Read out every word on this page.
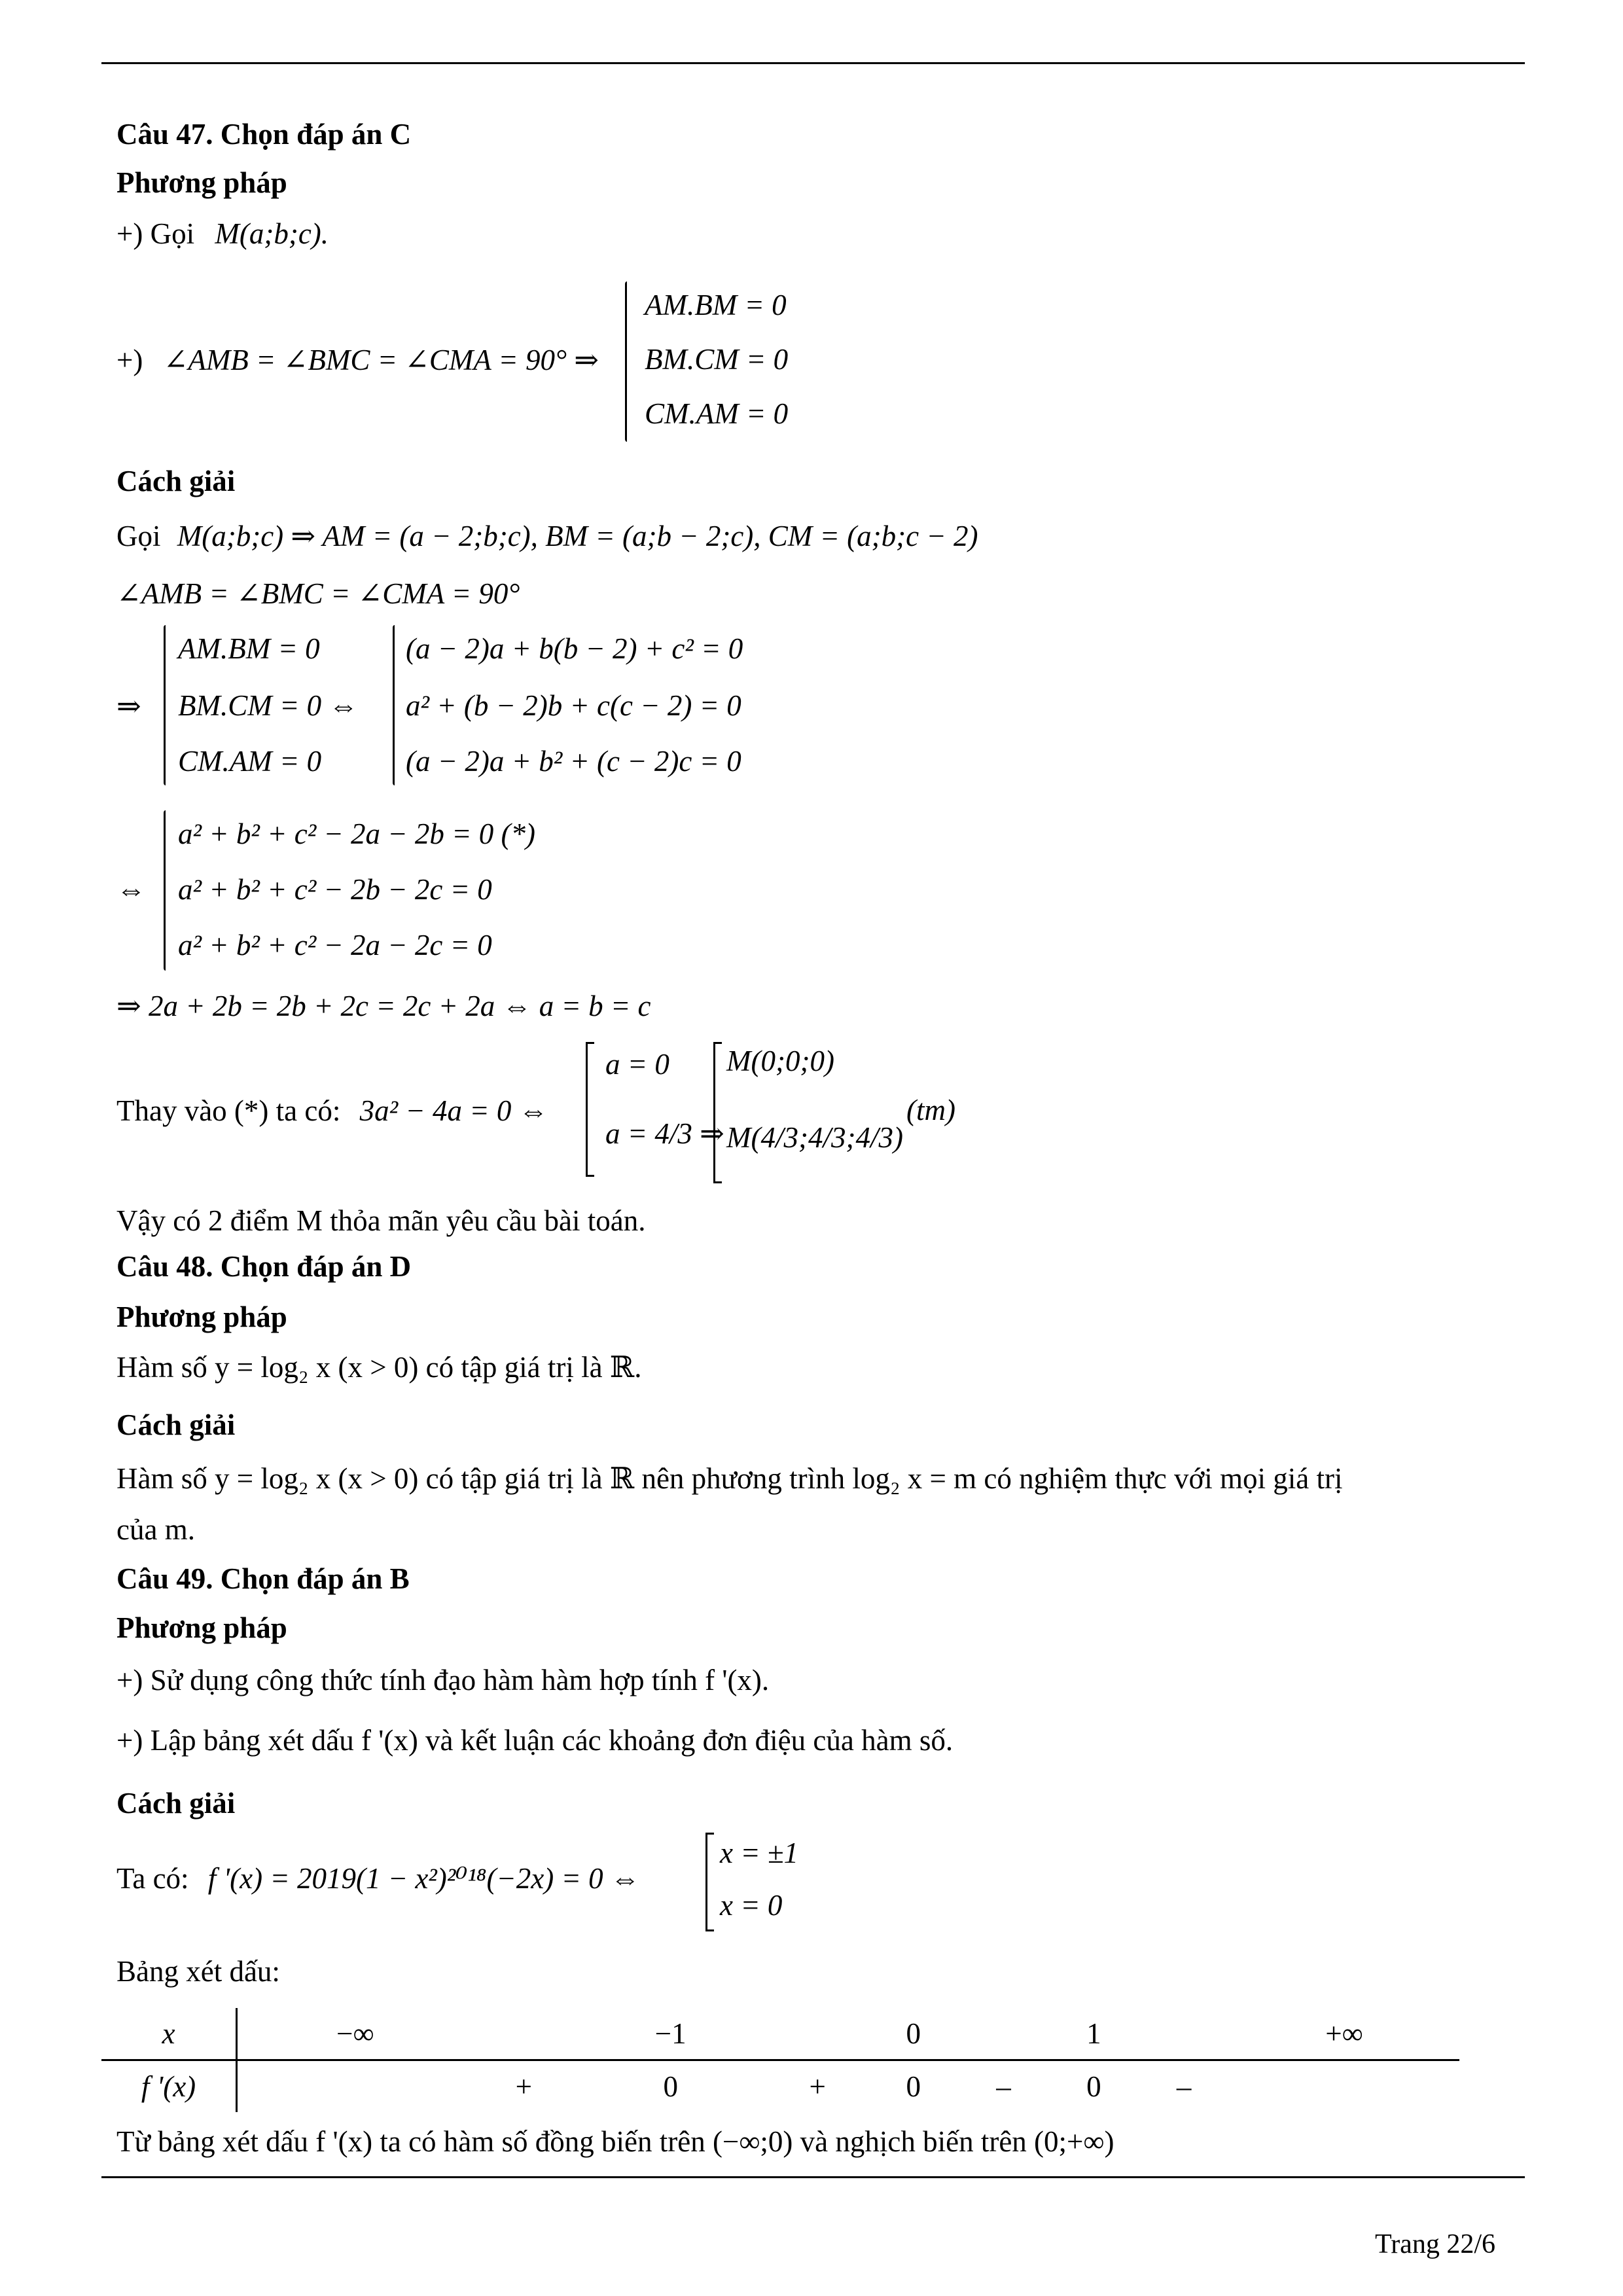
Câu 47. Chọn đáp án C
Phương pháp
+) Gọi M(a;b;c).
+) ∠AMB = ∠BMC = ∠CMA = 90° ⇒
AM.BM = 0
BM.CM = 0
CM.AM = 0
Cách giải
Gọi M(a;b;c) ⇒ AM = (a − 2;b;c), BM = (a;b − 2;c), CM = (a;b;c − 2)
∠AMB = ∠BMC = ∠CMA = 90°
⇒
AM.BM = 0
BM.CM = 0 ⇔
CM.AM = 0
(a − 2)a + b(b − 2) + c² = 0
a² + (b − 2)b + c(c − 2) = 0
(a − 2)a + b² + (c − 2)c = 0
⇔
a² + b² + c² − 2a − 2b = 0 (*)
a² + b² + c² − 2b − 2c = 0
a² + b² + c² − 2a − 2c = 0
⇒ 2a + 2b = 2b + 2c = 2c + 2a ⇔ a = b = c
Thay vào (*) ta có: 3a² − 4a = 0 ⇔
a = 0
a = 4/3 ⇒
M(0;0;0)
M(4/3;4/3;4/3)
(tm)
Vậy có 2 điểm M thỏa mãn yêu cầu bài toán.
Câu 48. Chọn đáp án D
Phương pháp
Hàm số y = log₂ x (x > 0) có tập giá trị là ℝ.
Cách giải
Hàm số y = log₂ x (x > 0) có tập giá trị là ℝ nên phương trình log₂ x = m có nghiệm thực với mọi giá trị
của m.
Câu 49. Chọn đáp án B
Phương pháp
+) Sử dụng công thức tính đạo hàm hàm hợp tính f '(x).
+) Lập bảng xét dấu f '(x) và kết luận các khoảng đơn điệu của hàm số.
Cách giải
Ta có: f '(x) = 2019(1 − x²)²⁰¹⁸(−2x) = 0 ⇔
x = ±1
x = 0
Bảng xét dấu:
x	−∞		−1		0		1		+∞
f '(x)		+	0	+	0	–	0	–	
Từ bảng xét dấu f '(x) ta có hàm số đồng biến trên (−∞;0) và nghịch biến trên (0;+∞)
Trang 22/6
